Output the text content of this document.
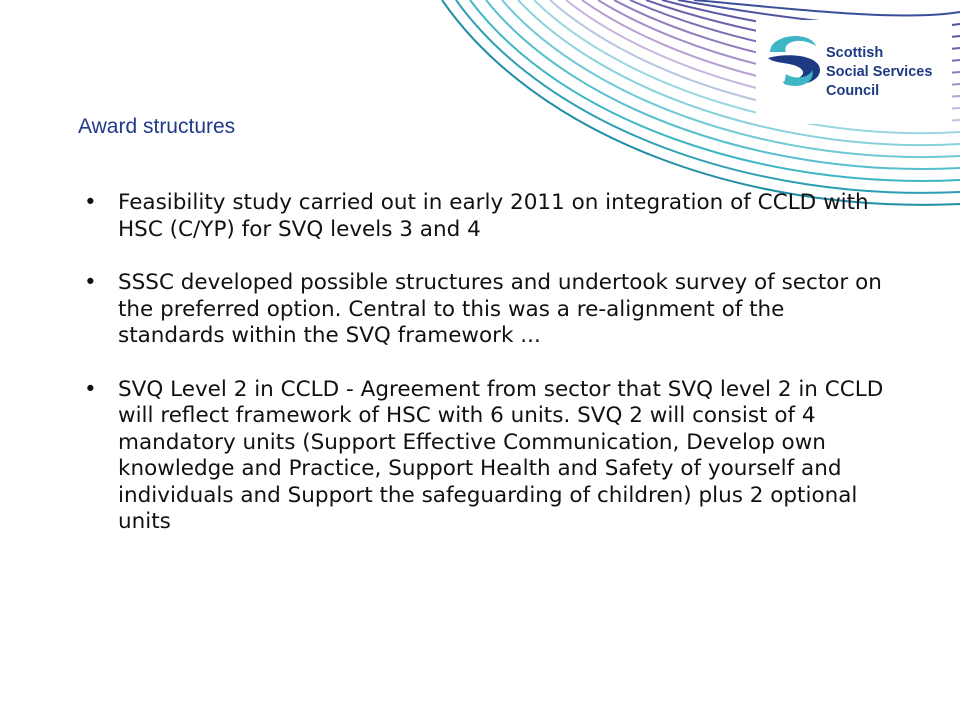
Scottish
Social Services
Council
Award structures
• Feasibility study carried out in early 2011 on integration of CCLD with HSC (C/YP) for SVQ levels 3 and 4
• SSSC developed possible structures and undertook survey of sector on the preferred option. Central to this was a re-alignment of the standards within the SVQ framework ...
• SVQ Level 2 in CCLD - Agreement from sector that SVQ level 2 in CCLD will reflect framework of HSC with 6 units. SVQ 2 will consist of 4 mandatory units (Support Effective Communication, Develop own knowledge and Practice, Support Health and Safety of yourself and individuals and Support the safeguarding of children) plus 2 optional units
